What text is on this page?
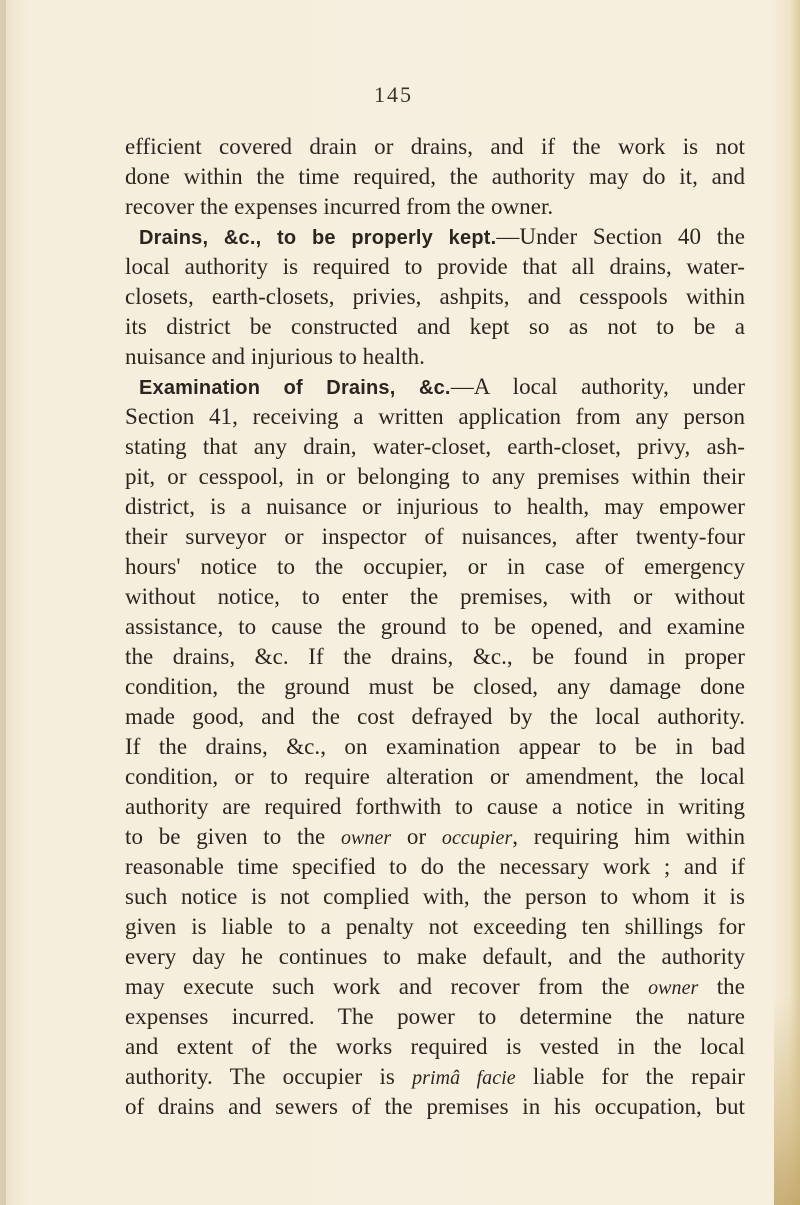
145
efficient covered drain or drains, and if the work is not
done within the time required, the authority may do it, and
recover the expenses incurred from the owner.
Drains, &c., to be properly kept.—Under Section 40 the
local authority is required to provide that all drains, water-
closets, earth-closets, privies, ashpits, and cesspools within
its district be constructed and kept so as not to be a
nuisance and injurious to health.
Examination of Drains, &c.—A local authority, under
Section 41, receiving a written application from any person
stating that any drain, water-closet, earth-closet, privy, ash-
pit, or cesspool, in or belonging to any premises within their
district, is a nuisance or injurious to health, may empower
their surveyor or inspector of nuisances, after twenty-four
hours' notice to the occupier, or in case of emergency
without notice, to enter the premises, with or without
assistance, to cause the ground to be opened, and examine
the drains, &c. If the drains, &c., be found in proper
condition, the ground must be closed, any damage done
made good, and the cost defrayed by the local authority.
If the drains, &c., on examination appear to be in bad
condition, or to require alteration or amendment, the local
authority are required forthwith to cause a notice in writing
to be given to the owner or occupier, requiring him within
reasonable time specified to do the necessary work ; and if
such notice is not complied with, the person to whom it is
given is liable to a penalty not exceeding ten shillings for
every day he continues to make default, and the authority
may execute such work and recover from the owner the
expenses incurred. The power to determine the nature
and extent of the works required is vested in the local
authority. The occupier is primâ facie liable for the repair
of drains and sewers of the premises in his occupation, but
